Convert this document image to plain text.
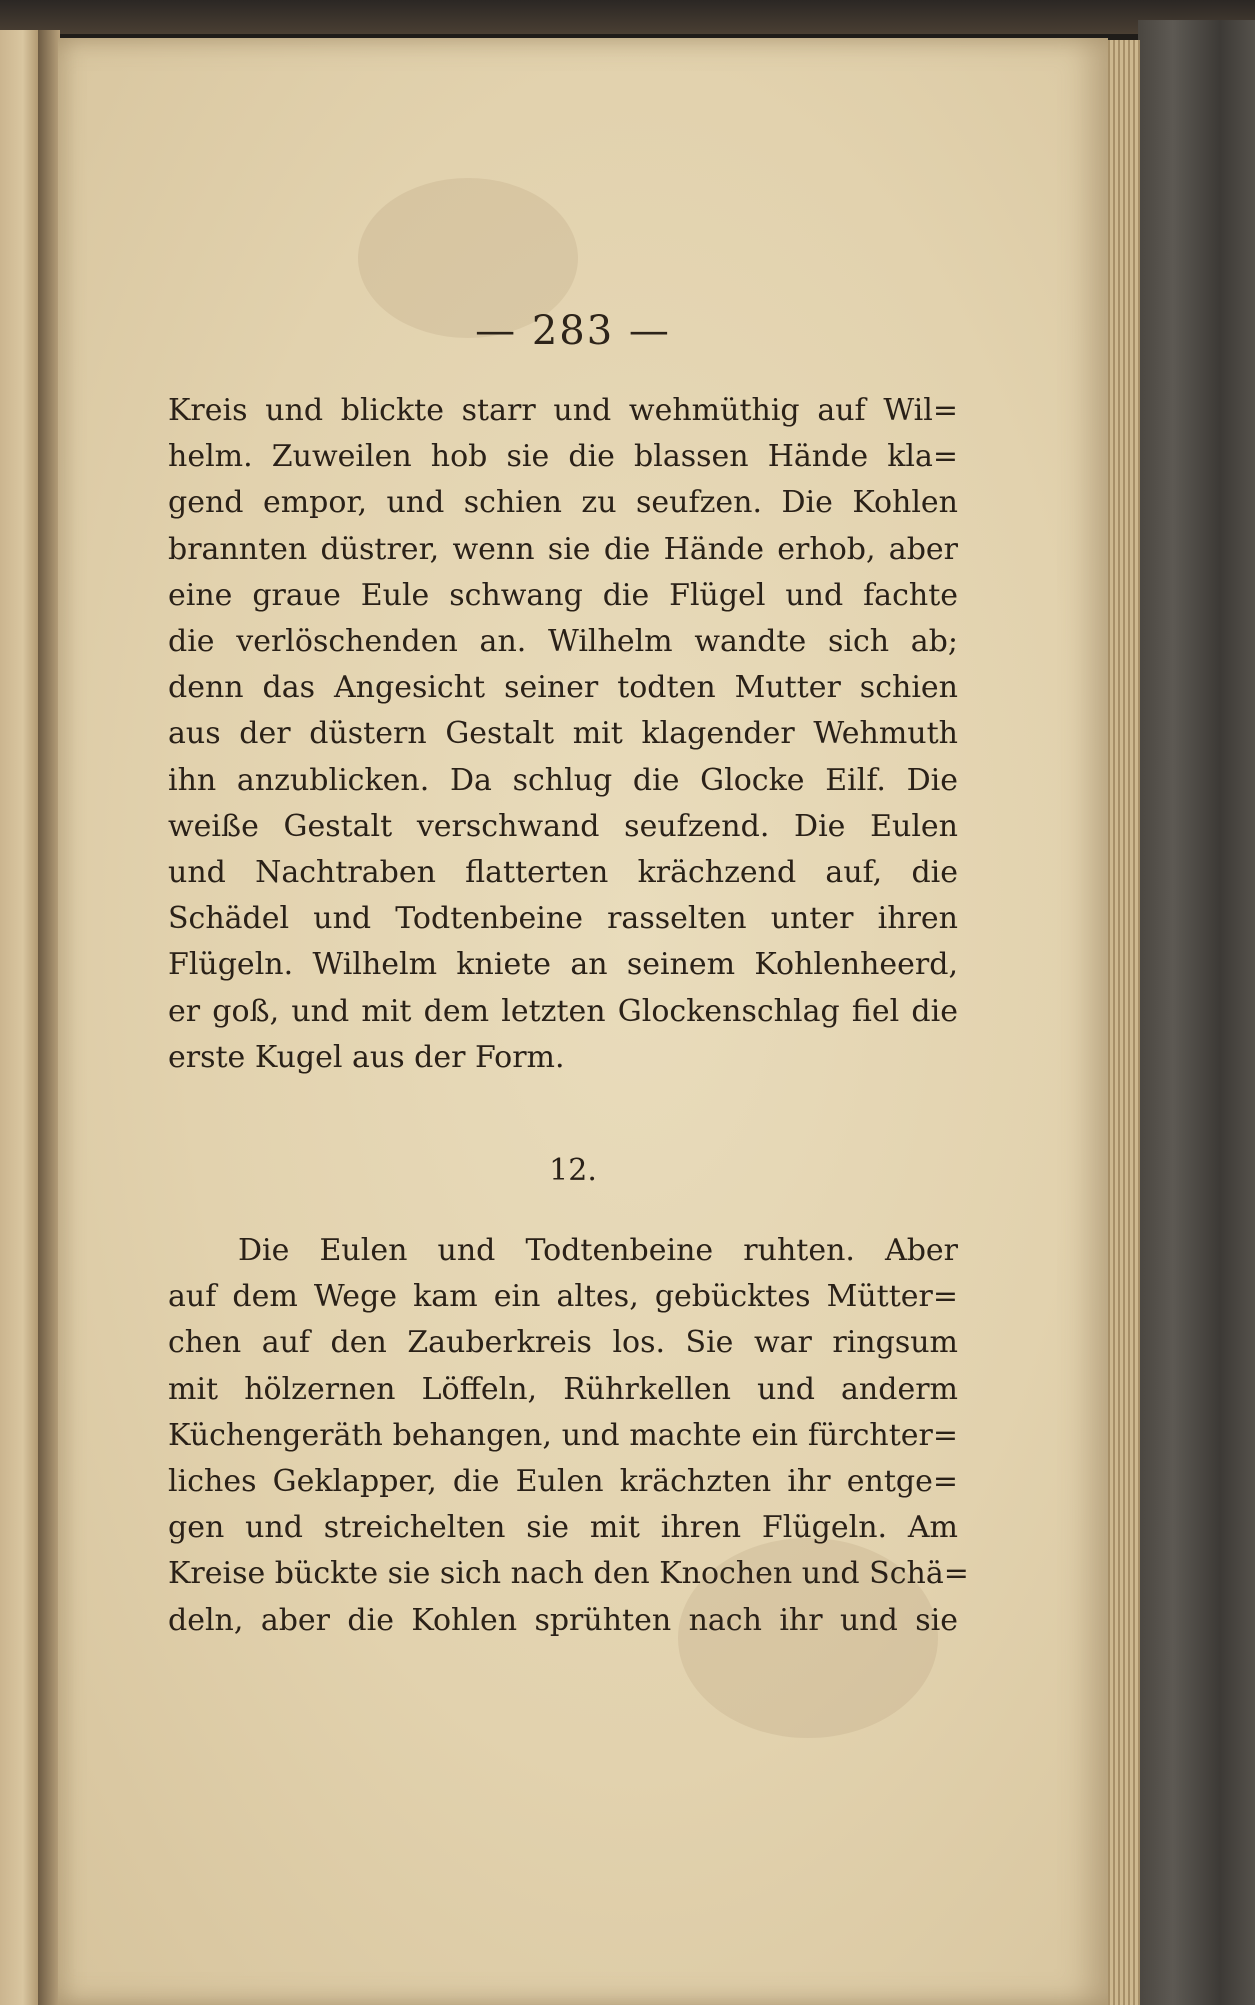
— 283 —
Kreis und blickte starr und wehmüthig auf Wil=
helm. Zuweilen hob sie die blassen Hände kla=
gend empor, und schien zu seufzen. Die Kohlen
brannten düstrer, wenn sie die Hände erhob, aber
eine graue Eule schwang die Flügel und fachte
die verlöschenden an. Wilhelm wandte sich ab;
denn das Angesicht seiner todten Mutter schien
aus der düstern Gestalt mit klagender Wehmuth
ihn anzublicken. Da schlug die Glocke Eilf. Die
weiße Gestalt verschwand seufzend. Die Eulen
und Nachtraben flatterten krächzend auf, die
Schädel und Todtenbeine rasselten unter ihren
Flügeln. Wilhelm kniete an seinem Kohlenheerd,
er goß, und mit dem letzten Glockenschlag fiel die
erste Kugel aus der Form.
12.
Die Eulen und Todtenbeine ruhten. Aber
auf dem Wege kam ein altes, gebücktes Mütter=
chen auf den Zauberkreis los. Sie war ringsum
mit hölzernen Löffeln, Rührkellen und anderm
Küchengeräth behangen, und machte ein fürchter=
liches Geklapper, die Eulen krächzten ihr entge=
gen und streichelten sie mit ihren Flügeln. Am
Kreise bückte sie sich nach den Knochen und Schä=
deln, aber die Kohlen sprühten nach ihr und sie
